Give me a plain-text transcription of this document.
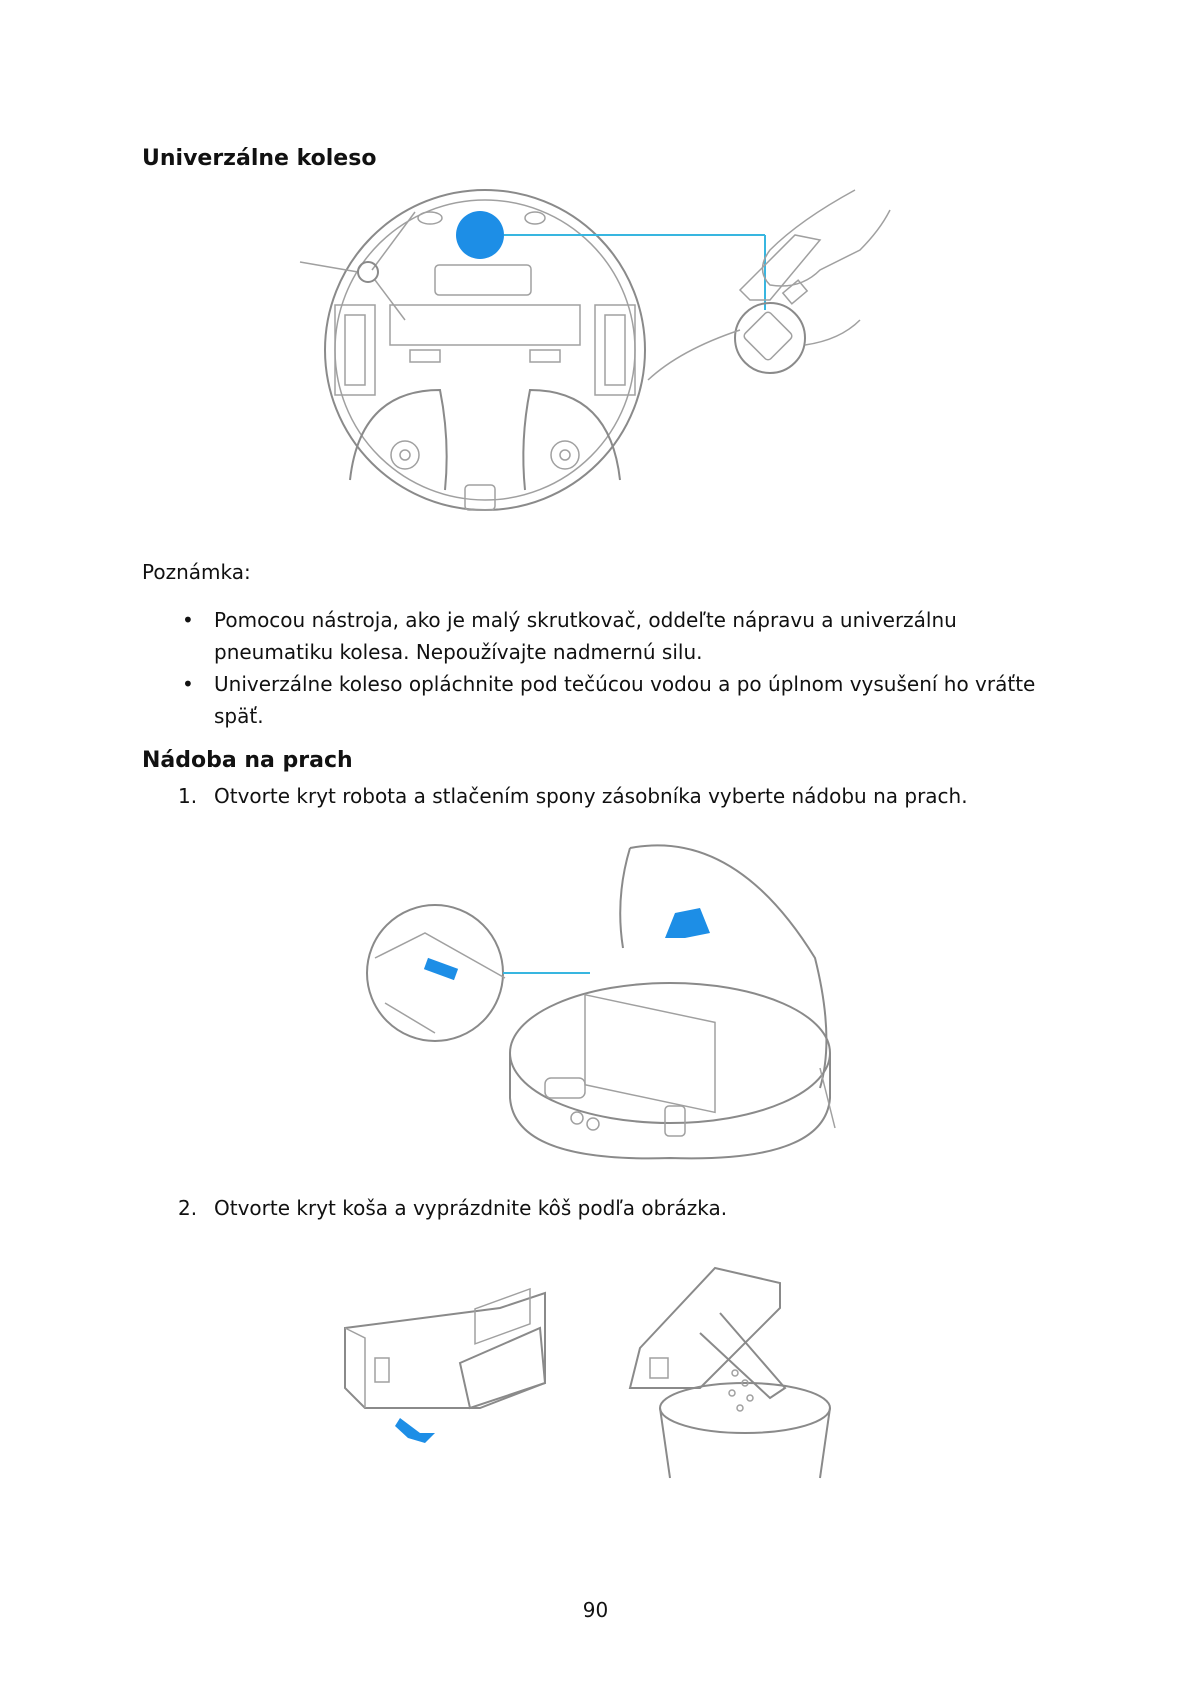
Univerzálne koleso
Poznámka:
• Pomocou nástroja, ako je malý skrutkovač, oddeľte nápravu a univerzálnu pneumatiku kolesa. Nepoužívajte nadmernú silu.
• Univerzálne koleso opláchnite pod tečúcou vodou a po úplnom vysušení ho vráťte späť.
Nádoba na prach
1. Otvorte kryt robota a stlačením spony zásobníka vyberte nádobu na prach.
2. Otvorte kryt koša a vyprázdnite kôš podľa obrázka.
90
